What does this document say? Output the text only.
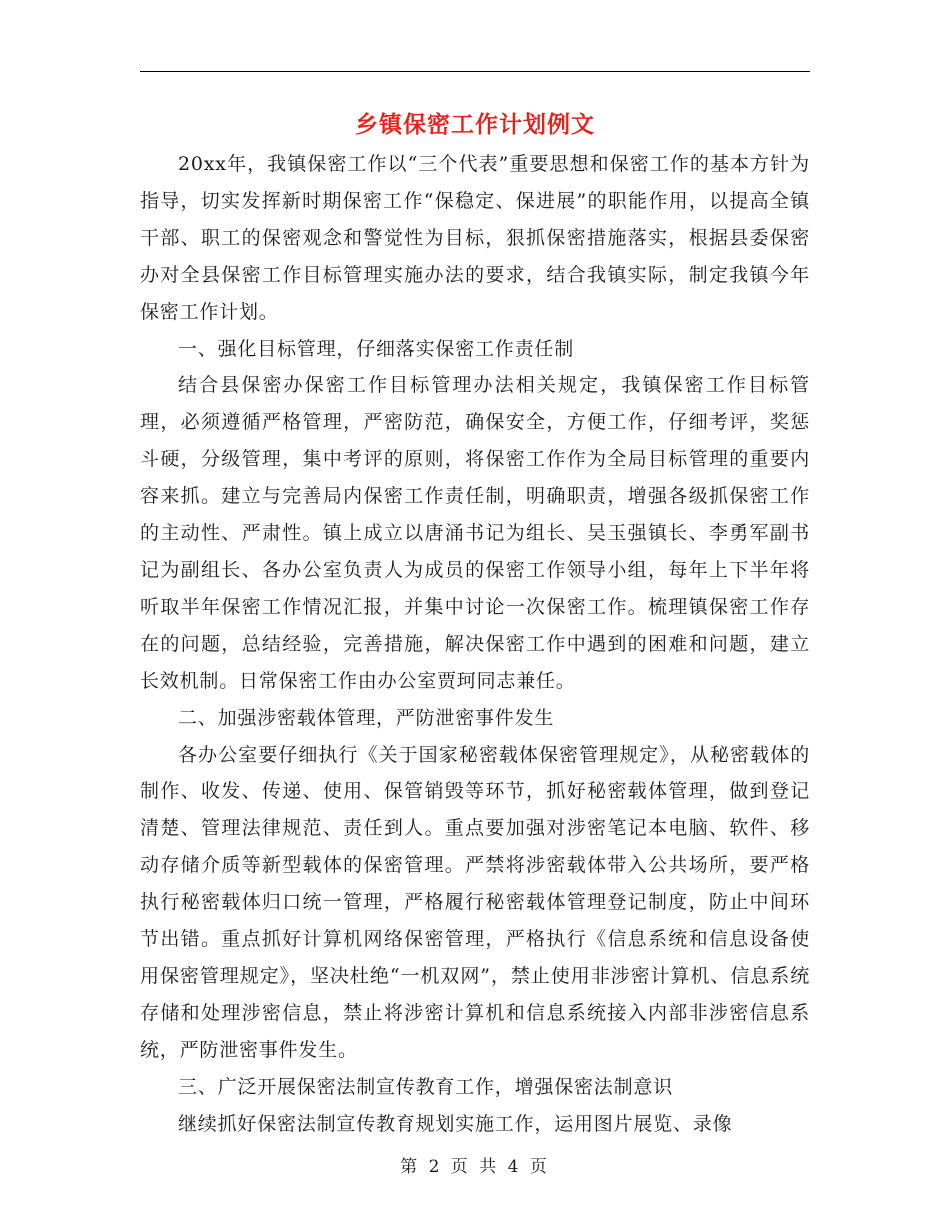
乡镇保密工作计划例文

20xx年，我镇保密工作以“三个代表”重要思想和保密工作的基本方针为指导，切实发挥新时期保密工作“保稳定、保进展”的职能作用，以提高全镇干部、职工的保密观念和警觉性为目标，狠抓保密措施落实，根据县委保密办对全县保密工作目标管理实施办法的要求，结合我镇实际，制定我镇今年保密工作计划。

一、强化目标管理，仔细落实保密工作责任制

结合县保密办保密工作目标管理办法相关规定，我镇保密工作目标管理，必须遵循严格管理，严密防范，确保安全，方便工作，仔细考评，奖惩斗硬，分级管理，集中考评的原则，将保密工作作为全局目标管理的重要内容来抓。建立与完善局内保密工作责任制，明确职责，增强各级抓保密工作的主动性、严肃性。镇上成立以唐涌书记为组长、吴玉强镇长、李勇军副书记为副组长、各办公室负责人为成员的保密工作领导小组，每年上下半年将听取半年保密工作情况汇报，并集中讨论一次保密工作。梳理镇保密工作存在的问题，总结经验，完善措施，解决保密工作中遇到的困难和问题，建立长效机制。日常保密工作由办公室贾珂同志兼任。

二、加强涉密载体管理，严防泄密事件发生

各办公室要仔细执行《关于国家秘密载体保密管理规定》，从秘密载体的制作、收发、传递、使用、保管销毁等环节，抓好秘密载体管理，做到登记清楚、管理法律规范、责任到人。重点要加强对涉密笔记本电脑、软件、移动存储介质等新型载体的保密管理。严禁将涉密载体带入公共场所，要严格执行秘密载体归口统一管理，严格履行秘密载体管理登记制度，防止中间环节出错。重点抓好计算机网络保密管理，严格执行《信息系统和信息设备使用保密管理规定》，坚决杜绝“一机双网”，禁止使用非涉密计算机、信息系统存储和处理涉密信息，禁止将涉密计算机和信息系统接入内部非涉密信息系统，严防泄密事件发生。

三、广泛开展保密法制宣传教育工作，增强保密法制意识

继续抓好保密法制宣传教育规划实施工作，运用图片展览、录像

第 2 页 共 4 页
